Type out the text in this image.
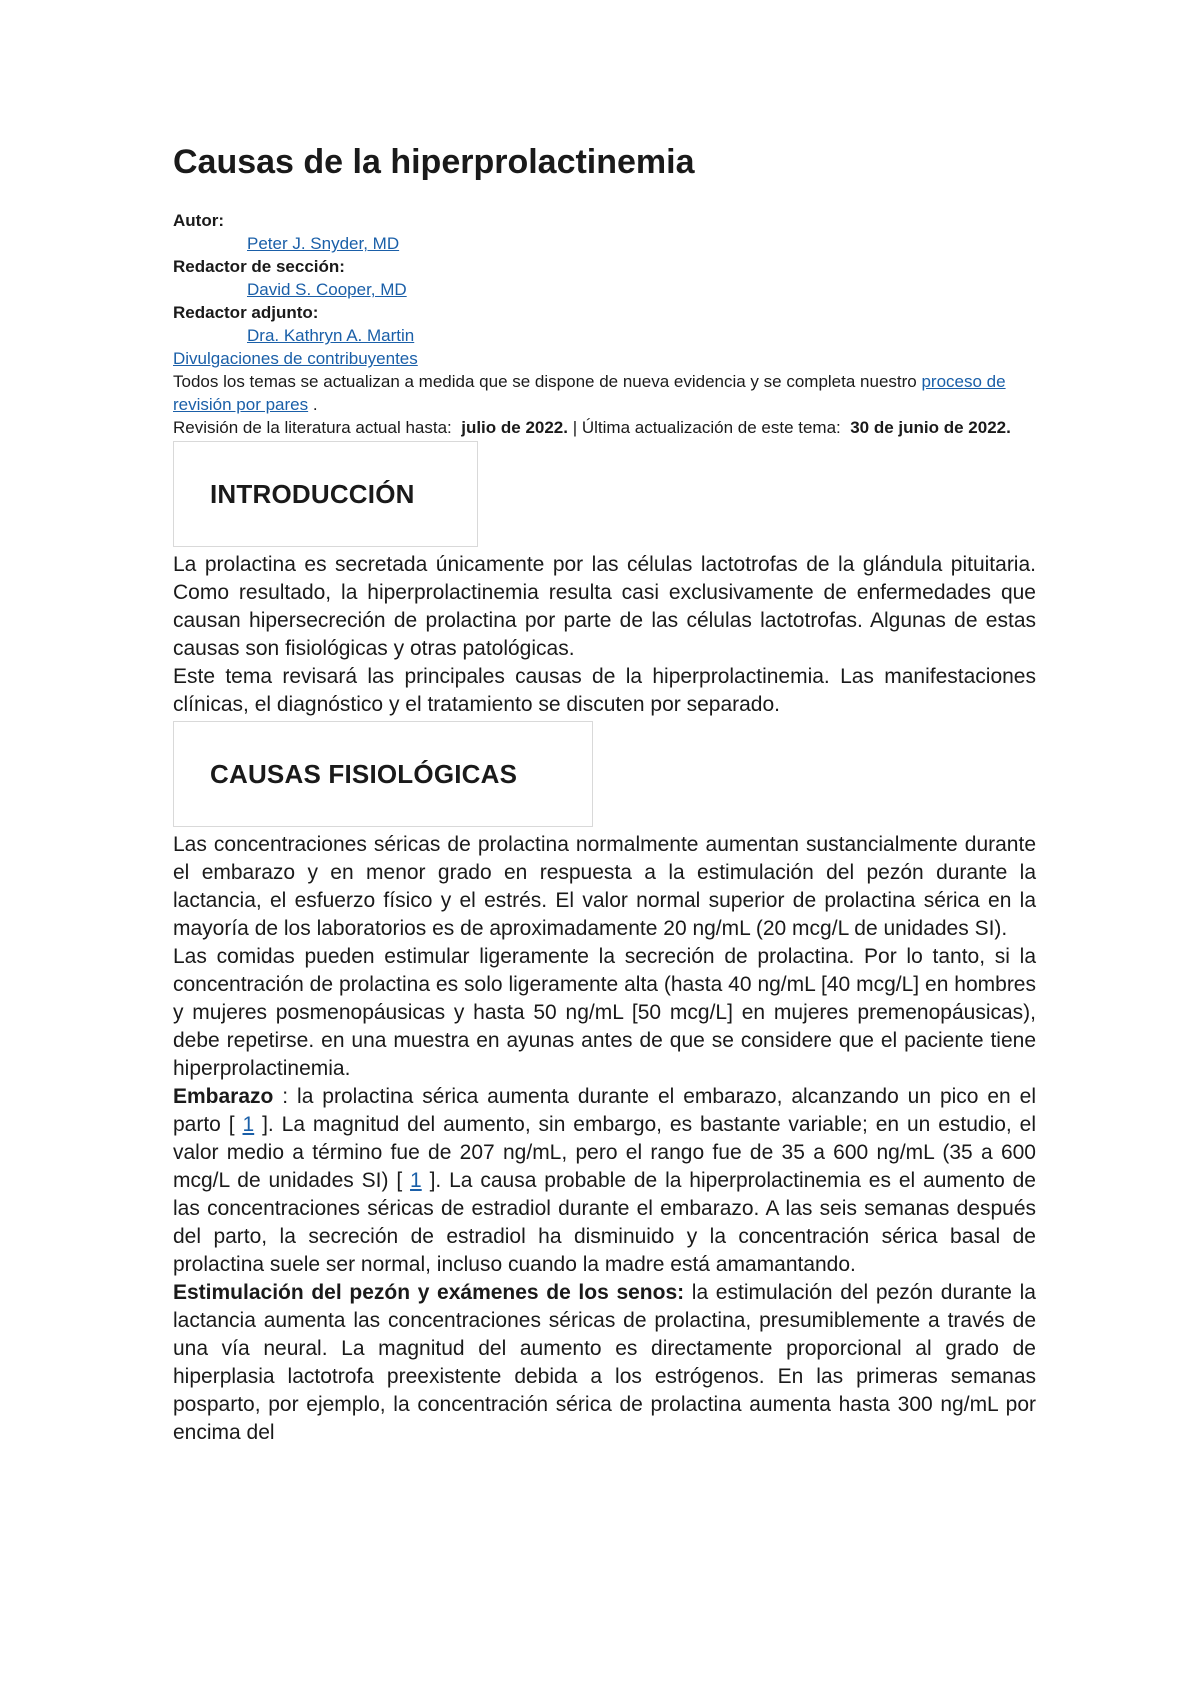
Causas de la hiperprolactinemia
Autor:
Peter J. Snyder, MD
Redactor de sección:
David S. Cooper, MD
Redactor adjunto:
Dra. Kathryn A. Martin
Divulgaciones de contribuyentes
Todos los temas se actualizan a medida que se dispone de nueva evidencia y se completa nuestro proceso de revisión por pares .
Revisión de la literatura actual hasta: julio de 2022. | Última actualización de este tema: 30 de junio de 2022.
INTRODUCCIÓN

La prolactina es secretada únicamente por las células lactotrofas de la glándula pituitaria. Como resultado, la hiperprolactinemia resulta casi exclusivamente de enfermedades que causan hipersecreción de prolactina por parte de las células lactotrofas. Algunas de estas causas son fisiológicas y otras patológicas.

Este tema revisará las principales causas de la hiperprolactinemia. Las manifestaciones clínicas, el diagnóstico y el tratamiento se discuten por separado.

CAUSAS FISIOLÓGICAS

Las concentraciones séricas de prolactina normalmente aumentan sustancialmente durante el embarazo y en menor grado en respuesta a la estimulación del pezón durante la lactancia, el esfuerzo físico y el estrés. El valor normal superior de prolactina sérica en la mayoría de los laboratorios es de aproximadamente 20 ng/mL (20 mcg/L de unidades SI).

Las comidas pueden estimular ligeramente la secreción de prolactina. Por lo tanto, si la concentración de prolactina es solo ligeramente alta (hasta 40 ng/mL [40 mcg/L] en hombres y mujeres posmenopáusicas y hasta 50 ng/mL [50 mcg/L] en mujeres premenopáusicas), debe repetirse. en una muestra en ayunas antes de que se considere que el paciente tiene hiperprolactinemia.

Embarazo : la prolactina sérica aumenta durante el embarazo, alcanzando un pico en el parto [ 1 ]. La magnitud del aumento, sin embargo, es bastante variable; en un estudio, el valor medio a término fue de 207 ng/mL, pero el rango fue de 35 a 600 ng/mL (35 a 600 mcg/L de unidades SI) [ 1 ]. La causa probable de la hiperprolactinemia es el aumento de las concentraciones séricas de estradiol durante el embarazo. A las seis semanas después del parto, la secreción de estradiol ha disminuido y la concentración sérica basal de prolactina suele ser normal, incluso cuando la madre está amamantando.

Estimulación del pezón y exámenes de los senos: la estimulación del pezón durante la lactancia aumenta las concentraciones séricas de prolactina, presumiblemente a través de una vía neural. La magnitud del aumento es directamente proporcional al grado de hiperplasia lactotrofa preexistente debida a los estrógenos. En las primeras semanas posparto, por ejemplo, la concentración sérica de prolactina aumenta hasta 300 ng/mL por encima del
